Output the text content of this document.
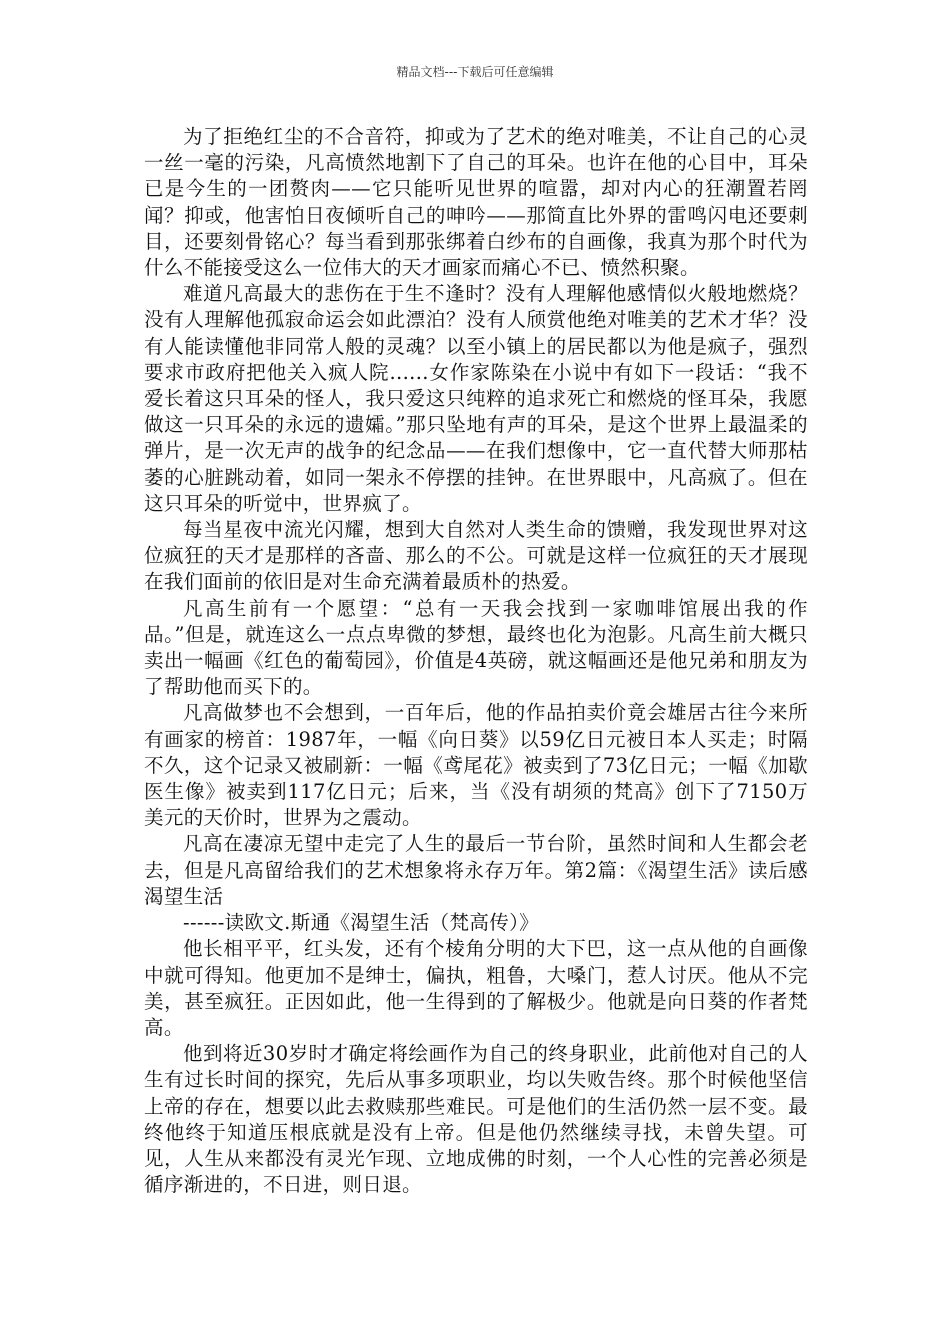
精品文档---下载后可任意编辑

为了拒绝红尘的不合音符，抑或为了艺术的绝对唯美，不让自己的心灵一丝一毫的污染，凡高愤然地割下了自己的耳朵。也许在他的心目中，耳朵已是今生的一团赘肉——它只能听见世界的喧嚣，却对内心的狂潮置若罔闻？抑或，他害怕日夜倾听自己的呻吟——那简直比外界的雷鸣闪电还要刺目，还要刻骨铭心？每当看到那张绑着白纱布的自画像，我真为那个时代为什么不能接受这么一位伟大的天才画家而痛心不已、愤然积聚。

难道凡高最大的悲伤在于生不逢时？没有人理解他感情似火般地燃烧？没有人理解他孤寂命运会如此漂泊？没有人颀赏他绝对唯美的艺术才华？没有人能读懂他非同常人般的灵魂？以至小镇上的居民都以为他是疯子，强烈要求市政府把他关入疯人院......女作家陈染在小说中有如下一段话：“我不爱长着这只耳朵的怪人，我只爱这只纯粹的追求死亡和燃烧的怪耳朵，我愿做这一只耳朵的永远的遗孀。”那只坠地有声的耳朵，是这个世界上最温柔的弹片，是一次无声的战争的纪念品——在我们想像中，它一直代替大师那枯萎的心脏跳动着，如同一架永不停摆的挂钟。在世界眼中，凡高疯了。但在这只耳朵的听觉中，世界疯了。

每当星夜中流光闪耀，想到大自然对人类生命的馈赠，我发现世界对这位疯狂的天才是那样的吝啬、那么的不公。可就是这样一位疯狂的天才展现在我们面前的依旧是对生命充满着最质朴的热爱。

凡高生前有一个愿望：“总有一天我会找到一家咖啡馆展出我的作品。”但是，就连这么一点点卑微的梦想，最终也化为泡影。凡高生前大概只卖出一幅画《红色的葡萄园》，价值是4英磅，就这幅画还是他兄弟和朋友为了帮助他而买下的。

凡高做梦也不会想到，一百年后，他的作品拍卖价竟会雄居古往今来所有画家的榜首：1987年，一幅《向日葵》以59亿日元被日本人买走；时隔不久，这个记录又被刷新：一幅《鸢尾花》被卖到了73亿日元；一幅《加歇医生像》被卖到117亿日元；后来，当《没有胡须的梵高》创下了7150万美元的天价时，世界为之震动。

凡高在凄凉无望中走完了人生的最后一节台阶，虽然时间和人生都会老去，但是凡高留给我们的艺术想象将永存万年。第2篇：《渴望生活》读后感渴望生活

------读欧文.斯通《渴望生活（梵高传）》

他长相平平，红头发，还有个棱角分明的大下巴，这一点从他的自画像中就可得知。他更加不是绅士，偏执，粗鲁，大嗓门，惹人讨厌。他从不完美，甚至疯狂。正因如此，他一生得到的了解极少。他就是向日葵的作者梵高。

他到将近30岁时才确定将绘画作为自己的终身职业，此前他对自己的人生有过长时间的探究，先后从事多项职业，均以失败告终。那个时候他坚信上帝的存在，想要以此去救赎那些难民。可是他们的生活仍然一层不变。最终他终于知道压根底就是没有上帝。但是他仍然继续寻找，未曾失望。可见，人生从来都没有灵光乍现、立地成佛的时刻，一个人心性的完善必须是循序渐进的，不日进，则日退。
